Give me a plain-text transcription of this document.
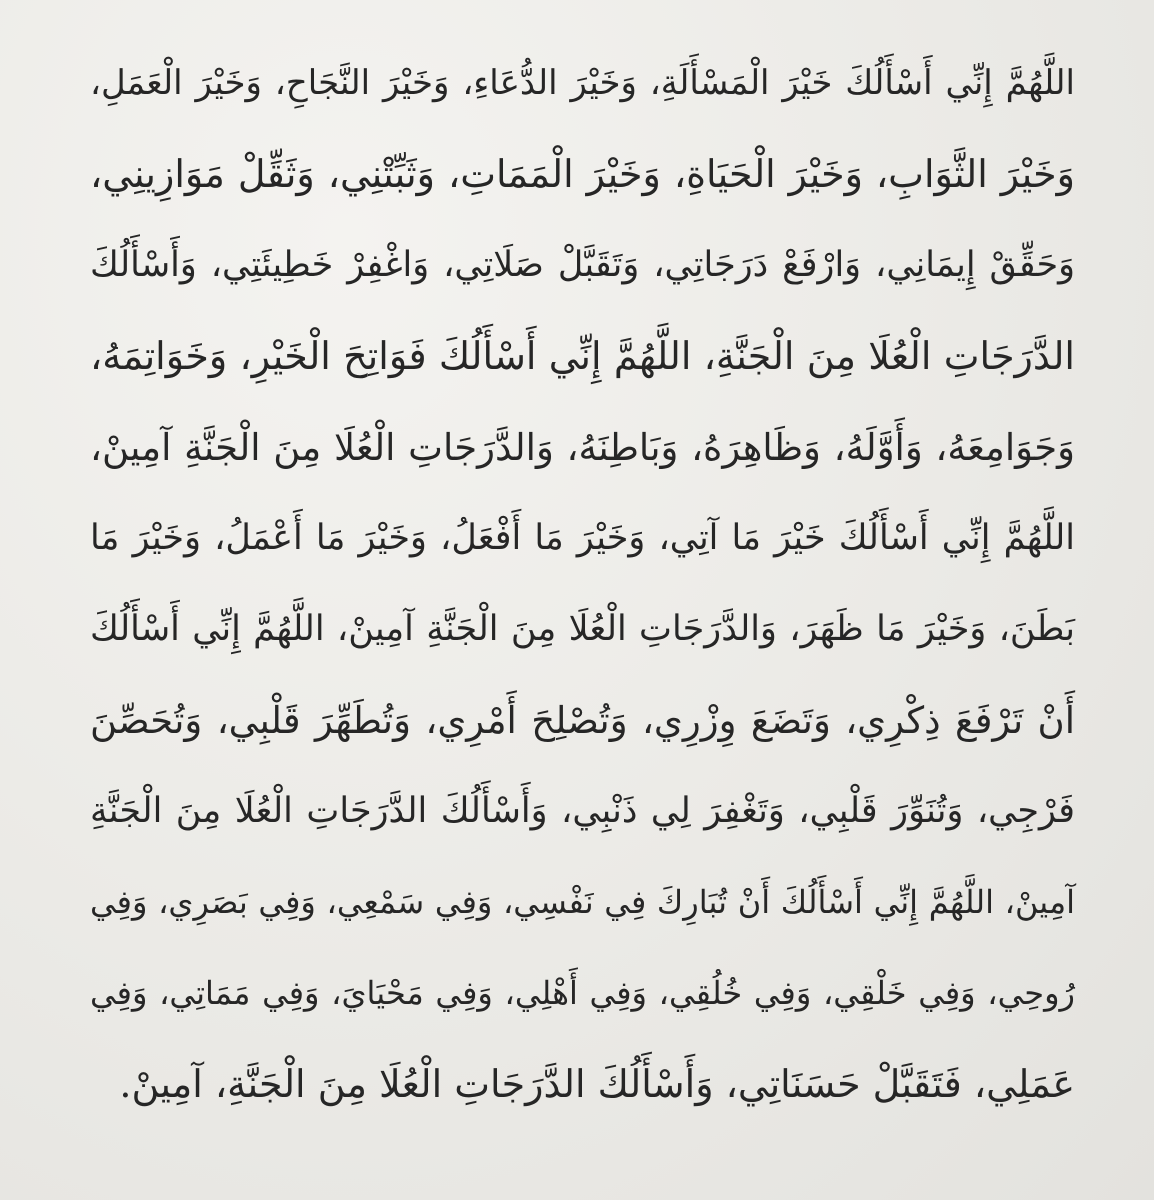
اللَّهُمَّ إِنِّي أَسْأَلُكَ خَيْرَ الْمَسْأَلَةِ، وَخَيْرَ الدُّعَاءِ، وَخَيْرَ النَّجَاحِ، وَخَيْرَ الْعَمَلِ،
وَخَيْرَ الثَّوَابِ، وَخَيْرَ الْحَيَاةِ، وَخَيْرَ الْمَمَاتِ، وَثَبِّتْنِي، وَثَقِّلْ مَوَازِينِي،
وَحَقِّقْ إِيمَانِي، وَارْفَعْ دَرَجَاتِي، وَتَقَبَّلْ صَلَاتِي، وَاغْفِرْ خَطِيئَتِي، وَأَسْأَلُكَ
الدَّرَجَاتِ الْعُلَا مِنَ الْجَنَّةِ، اللَّهُمَّ إِنِّي أَسْأَلُكَ فَوَاتِحَ الْخَيْرِ، وَخَوَاتِمَهُ،
وَجَوَامِعَهُ، وَأَوَّلَهُ، وَظَاهِرَهُ، وَبَاطِنَهُ، وَالدَّرَجَاتِ الْعُلَا مِنَ الْجَنَّةِ آمِينْ،
اللَّهُمَّ إِنِّي أَسْأَلُكَ خَيْرَ مَا آتِي، وَخَيْرَ مَا أَفْعَلُ، وَخَيْرَ مَا أَعْمَلُ، وَخَيْرَ مَا
بَطَنَ، وَخَيْرَ مَا ظَهَرَ، وَالدَّرَجَاتِ الْعُلَا مِنَ الْجَنَّةِ آمِينْ، اللَّهُمَّ إِنِّي أَسْأَلُكَ
أَنْ تَرْفَعَ ذِكْرِي، وَتَضَعَ وِزْرِي، وَتُصْلِحَ أَمْرِي، وَتُطَهِّرَ قَلْبِي، وَتُحَصِّنَ
فَرْجِي، وَتُنَوِّرَ قَلْبِي، وَتَغْفِرَ لِي ذَنْبِي، وَأَسْأَلُكَ الدَّرَجَاتِ الْعُلَا مِنَ الْجَنَّةِ
آمِينْ، اللَّهُمَّ إِنِّي أَسْأَلُكَ أَنْ تُبَارِكَ فِي نَفْسِي، وَفِي سَمْعِي، وَفِي بَصَرِي، وَفِي
رُوحِي، وَفِي خَلْقِي، وَفِي خُلُقِي، وَفِي أَهْلِي، وَفِي مَحْيَايَ، وَفِي مَمَاتِي، وَفِي
عَمَلِي، فَتَقَبَّلْ حَسَنَاتِي، وَأَسْأَلُكَ الدَّرَجَاتِ الْعُلَا مِنَ الْجَنَّةِ، آمِينْ.
